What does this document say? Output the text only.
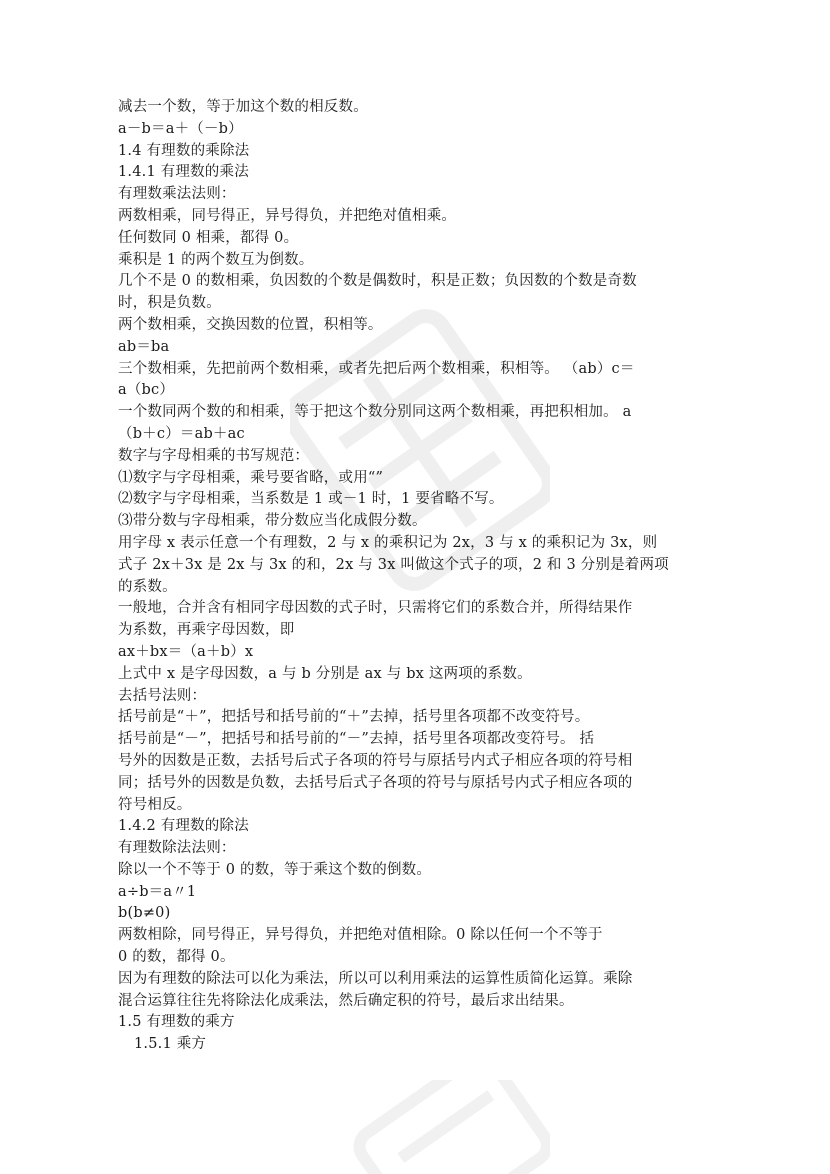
减去一个数，等于加这个数的相反数。
a－b＝a＋（－b）
1.4 有理数的乘除法
1.4.1 有理数的乘法
有理数乘法法则：
两数相乘，同号得正，异号得负，并把绝对值相乘。
任何数同 0 相乘，都得 0。
乘积是 1 的两个数互为倒数。
几个不是 0 的数相乘，负因数的个数是偶数时，积是正数；负因数的个数是奇数
时，积是负数。
两个数相乘，交换因数的位置，积相等。
ab＝ba
三个数相乘，先把前两个数相乘，或者先把后两个数相乘，积相等。 （ab）c＝
a（bc）
一个数同两个数的和相乘，等于把这个数分别同这两个数相乘，再把积相加。 a
（b＋c）＝ab＋ac
数字与字母相乘的书写规范：
⑴数字与字母相乘，乘号要省略，或用“”
⑵数字与字母相乘，当系数是 1 或－1 时，1 要省略不写。
⑶带分数与字母相乘，带分数应当化成假分数。
用字母 x 表示任意一个有理数，2 与 x 的乘积记为 2x，3 与 x 的乘积记为 3x，则
式子 2x＋3x 是 2x 与 3x 的和，2x 与 3x 叫做这个式子的项，2 和 3 分别是着两项
的系数。
一般地，合并含有相同字母因数的式子时，只需将它们的系数合并，所得结果作
为系数，再乘字母因数，即
ax＋bx＝（a＋b）x
上式中 x 是字母因数，a 与 b 分别是 ax 与 bx 这两项的系数。
去括号法则：
括号前是“＋”，把括号和括号前的“＋”去掉，括号里各项都不改变符号。
括号前是“－”，把括号和括号前的“－”去掉，括号里各项都改变符号。 括
号外的因数是正数，去括号后式子各项的符号与原括号内式子相应各项的符号相
同；括号外的因数是负数，去括号后式子各项的符号与原括号内式子相应各项的
符号相反。
1.4.2 有理数的除法
有理数除法法则：
除以一个不等于 0 的数，等于乘这个数的倒数。
a÷b＝a〃1
b(b≠0)
两数相除，同号得正，异号得负，并把绝对值相除。0 除以任何一个不等于
0 的数，都得 0。
因为有理数的除法可以化为乘法，所以可以利用乘法的运算性质简化运算。乘除
混合运算往往先将除法化成乘法，然后确定积的符号，最后求出结果。
1.5 有理数的乘方
1.5.1 乘方
